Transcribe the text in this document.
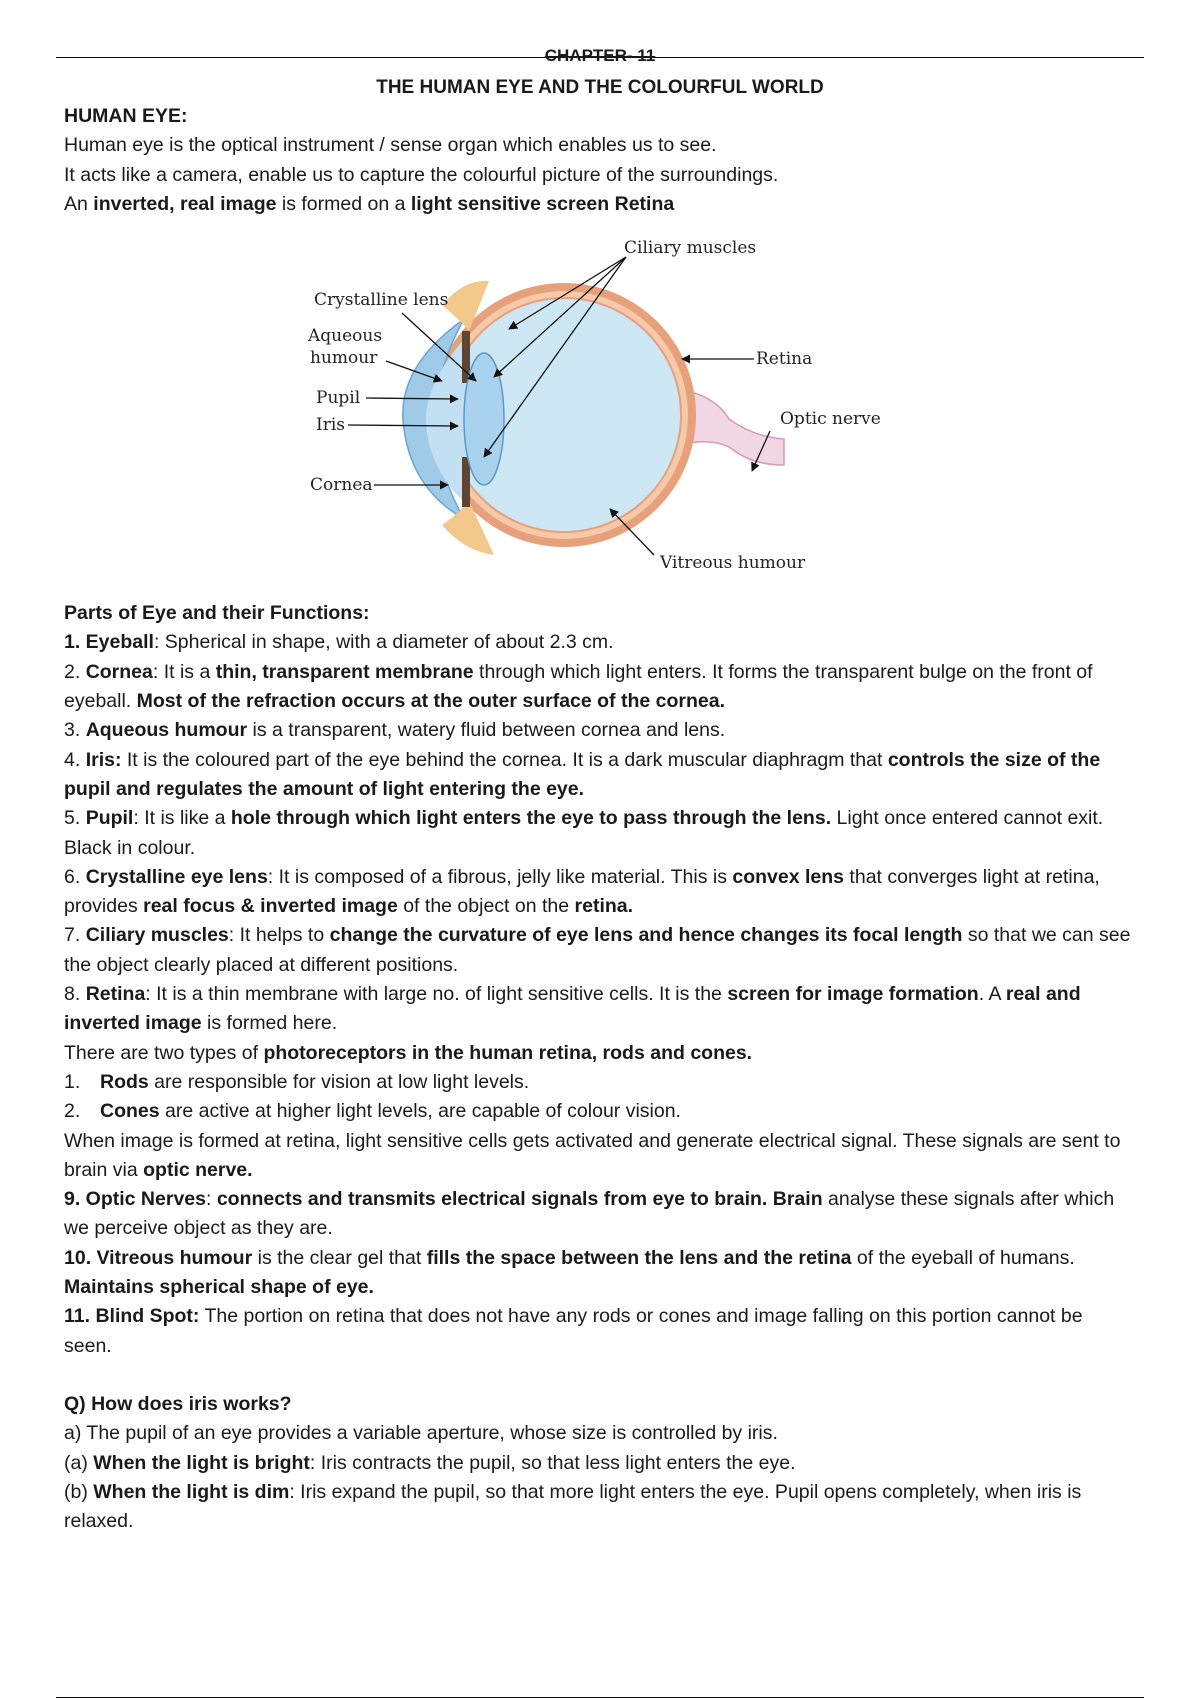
CHAPTER- 11
THE HUMAN EYE AND THE COLOURFUL WORLD

HUMAN EYE:

Human eye is the optical instrument / sense organ which enables us to see.

It acts like a camera, enable us to capture the colourful picture of the surroundings.

An inverted, real image is formed on a light sensitive screen Retina

Ciliary muscles
Crystalline lens
Aqueous
humour	Retina
Pupil
Iris	Optic nerve
Cornea
Vitreous humour

Parts of Eye and their Functions:

1. Eyeball: Spherical in shape, with a diameter of about 2.3 cm.

2. Cornea: It is a thin, transparent membrane through which light enters. It forms the transparent bulge on the front of eyeball. Most of the refraction occurs at the outer surface of the cornea.

3. Aqueous humour is a transparent, watery fluid between cornea and lens.

4. Iris: It is the coloured part of the eye behind the cornea. It is a dark muscular diaphragm that controls the size of the pupil and regulates the amount of light entering the eye.

5. Pupil: It is like a hole through which light enters the eye to pass through the lens. Light once entered cannot exit. Black in colour.

6. Crystalline eye lens: It is composed of a fibrous, jelly like material. This is convex lens that converges light at retina, provides real focus & inverted image of the object on the retina.

7. Ciliary muscles: It helps to change the curvature of eye lens and hence changes its focal length so that we can see the object clearly placed at different positions.

8. Retina: It is a thin membrane with large no. of light sensitive cells. It is the screen for image formation. A real and inverted image is formed here.

There are two types of photoreceptors in the human retina, rods and cones.

1. Rods are responsible for vision at low light levels.

2. Cones are active at higher light levels, are capable of colour vision.

When image is formed at retina, light sensitive cells gets activated and generate electrical signal. These signals are sent to brain via optic nerve.

9. Optic Nerves: connects and transmits electrical signals from eye to brain. Brain analyse these signals after which we perceive object as they are.

10. Vitreous humour is the clear gel that fills the space between the lens and the retina of the eyeball of humans. Maintains spherical shape of eye.

11. Blind Spot: The portion on retina that does not have any rods or cones and image falling on this portion cannot be seen.

Q) How does iris works?

a) The pupil of an eye provides a variable aperture, whose size is controlled by iris.

(a) When the light is bright: Iris contracts the pupil, so that less light enters the eye.

(b) When the light is dim: Iris expand the pupil, so that more light enters the eye. Pupil opens completely, when iris is relaxed.
